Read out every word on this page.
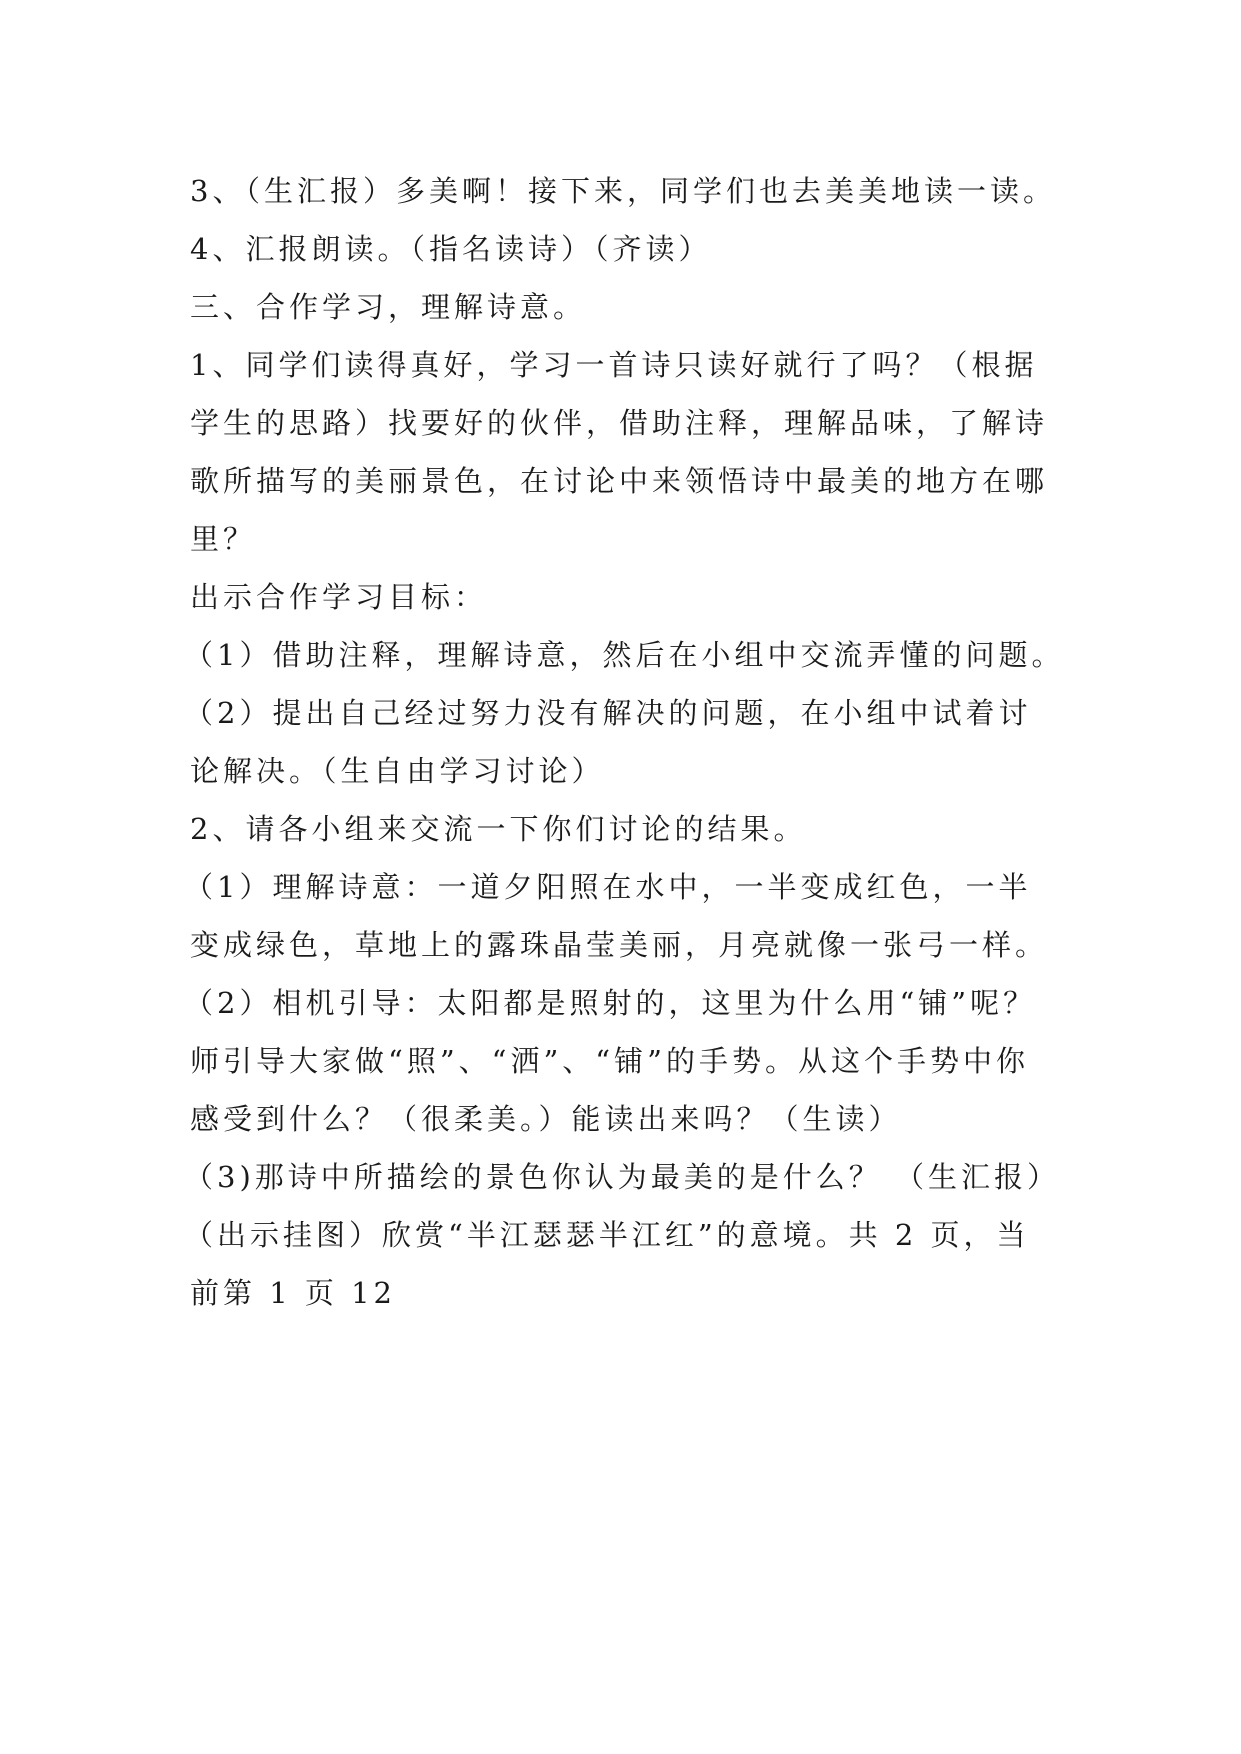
3、（生汇报）多美啊！接下来，同学们也去美美地读一读。
4、汇报朗读。（指名读诗）（齐读）
三、合作学习，理解诗意。
1、同学们读得真好，学习一首诗只读好就行了吗？（根据
学生的思路）找要好的伙伴，借助注释，理解品味，了解诗
歌所描写的美丽景色，在讨论中来领悟诗中最美的地方在哪
里？
出示合作学习目标：
（1）借助注释，理解诗意，然后在小组中交流弄懂的问题。
（2）提出自己经过努力没有解决的问题，在小组中试着讨
论解决。（生自由学习讨论）
2、请各小组来交流一下你们讨论的结果。
（1）理解诗意：一道夕阳照在水中，一半变成红色，一半
变成绿色，草地上的露珠晶莹美丽，月亮就像一张弓一样。
（2）相机引导：太阳都是照射的，这里为什么用“铺”呢？
师引导大家做“照”、“洒”、“铺”的手势。从这个手势中你
感受到什么？（很柔美。）能读出来吗？（生读）
（3)那诗中所描绘的景色你认为最美的是什么？ （生汇报）
（出示挂图）欣赏“半江瑟瑟半江红”的意境。共 2 页，当
前第 1 页 12
